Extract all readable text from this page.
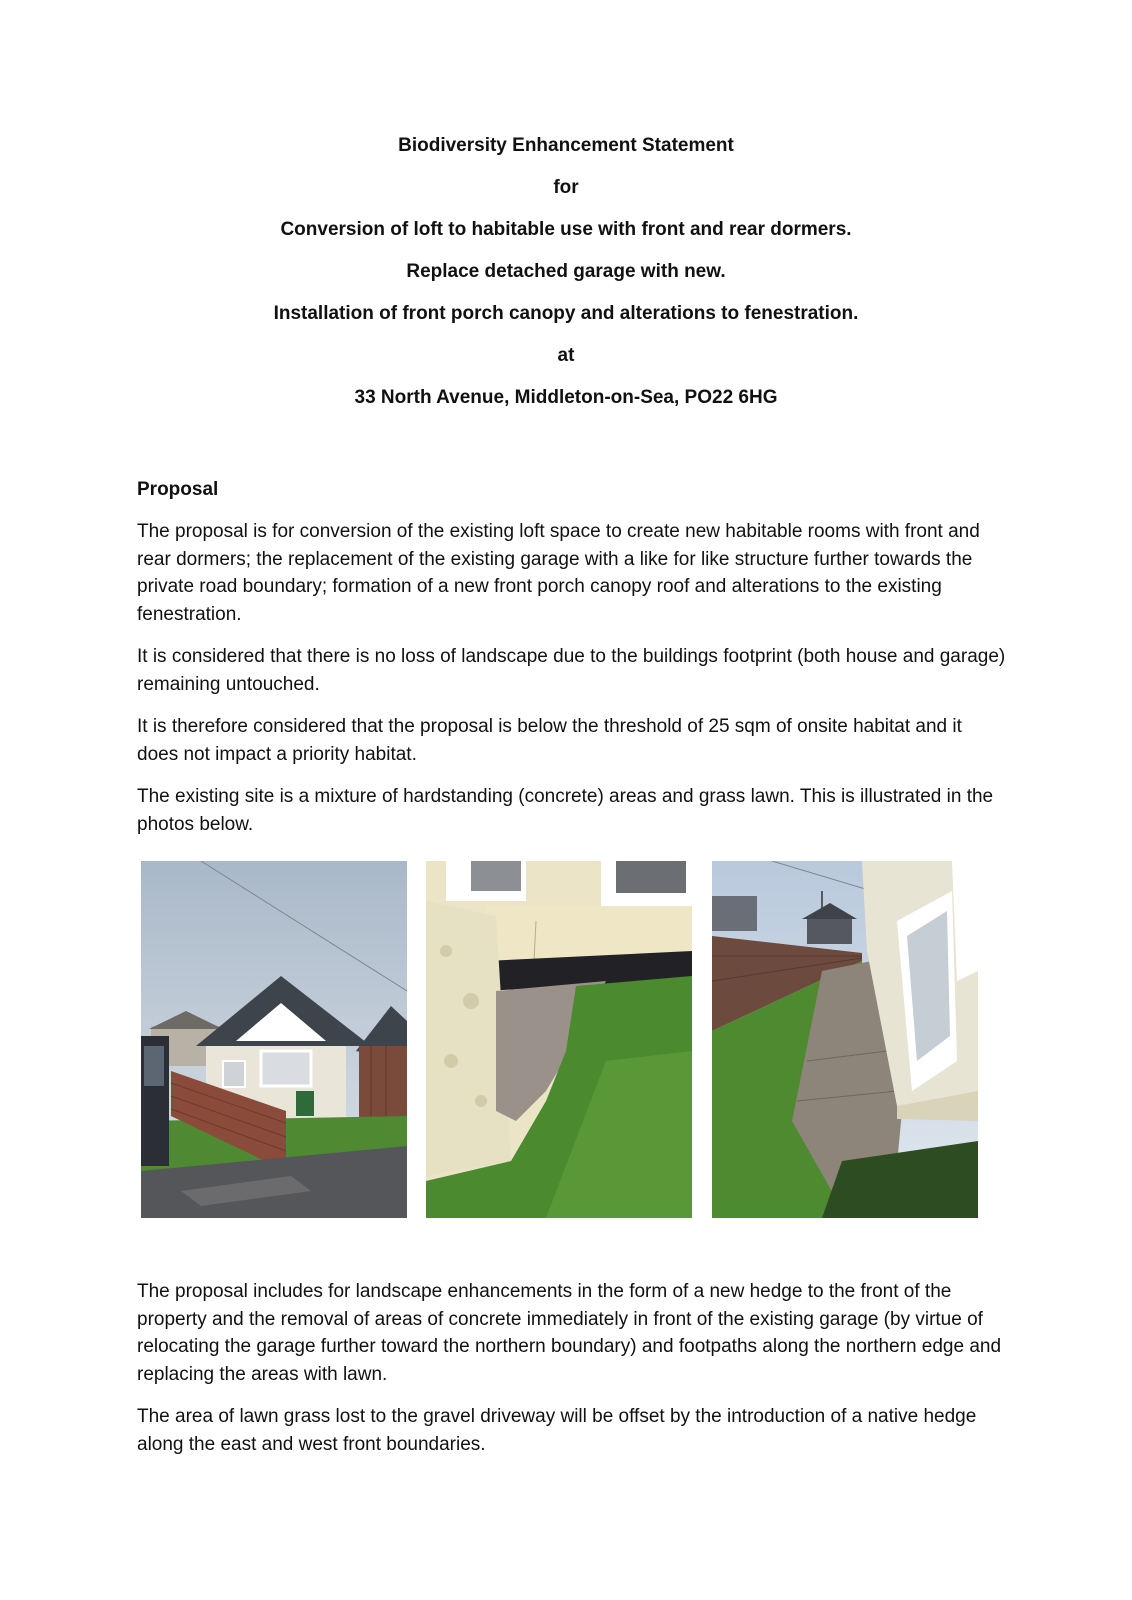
Biodiversity Enhancement Statement
for
Conversion of loft to habitable use with front and rear dormers.
Replace detached garage with new.
Installation of front porch canopy and alterations to fenestration.
at
33 North Avenue, Middleton-on-Sea, PO22 6HG
Proposal

The proposal is for conversion of the existing loft space to create new habitable rooms with front and rear dormers; the replacement of the existing garage with a like for like structure further towards the private road boundary; formation of a new front porch canopy roof and alterations to the existing fenestration.

It is considered that there is no loss of landscape due to the buildings footprint (both house and garage) remaining untouched.

It is therefore considered that the proposal is below the threshold of 25 sqm of onsite habitat and it does not impact a priority habitat.

The existing site is a mixture of hardstanding (concrete) areas and grass lawn. This is illustrated in the photos below.

The proposal includes for landscape enhancements in the form of a new hedge to the front of the property and the removal of areas of concrete immediately in front of the existing garage (by virtue of relocating the garage further toward the northern boundary) and footpaths along the northern edge and replacing the areas with lawn.

The area of lawn grass lost to the gravel driveway will be offset by the introduction of a native hedge along the east and west front boundaries.
